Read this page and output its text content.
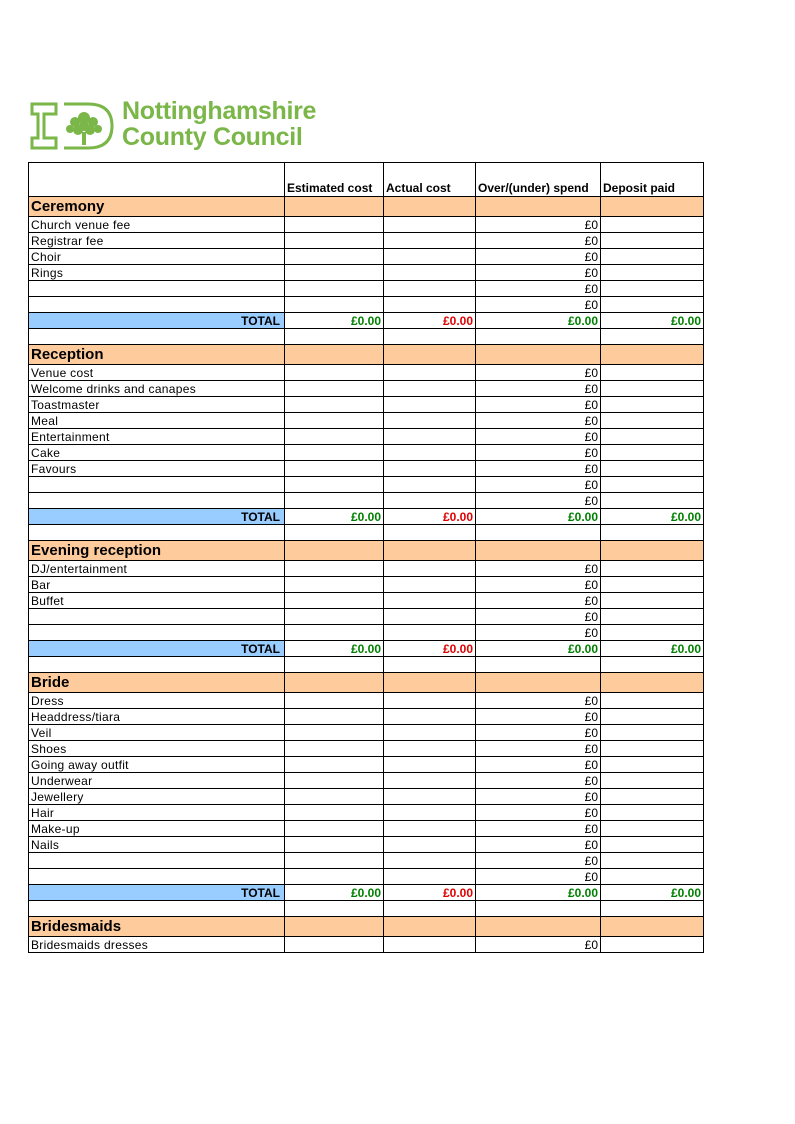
Nottinghamshire
County Council
	Estimated cost	Actual cost	Over/(under) spend	Deposit paid
Ceremony				
Church venue fee			£0	
Registrar fee			£0	
Choir			£0	
Rings			£0	
			£0	
			£0	
TOTAL	£0.00	£0.00	£0.00	£0.00

Reception				
Venue cost			£0	
Welcome drinks and canapes			£0	
Toastmaster			£0	
Meal			£0	
Entertainment			£0	
Cake			£0	
Favours			£0	
			£0	
			£0	
TOTAL	£0.00	£0.00	£0.00	£0.00

Evening reception				
DJ/entertainment			£0	
Bar			£0	
Buffet			£0	
			£0	
			£0	
TOTAL	£0.00	£0.00	£0.00	£0.00

Bride				
Dress			£0	
Headdress/tiara			£0	
Veil			£0	
Shoes			£0	
Going away outfit			£0	
Underwear			£0	
Jewellery			£0	
Hair			£0	
Make-up			£0	
Nails			£0	
			£0	
			£0	
TOTAL	£0.00	£0.00	£0.00	£0.00

Bridesmaids				
Bridesmaids dresses			£0	
